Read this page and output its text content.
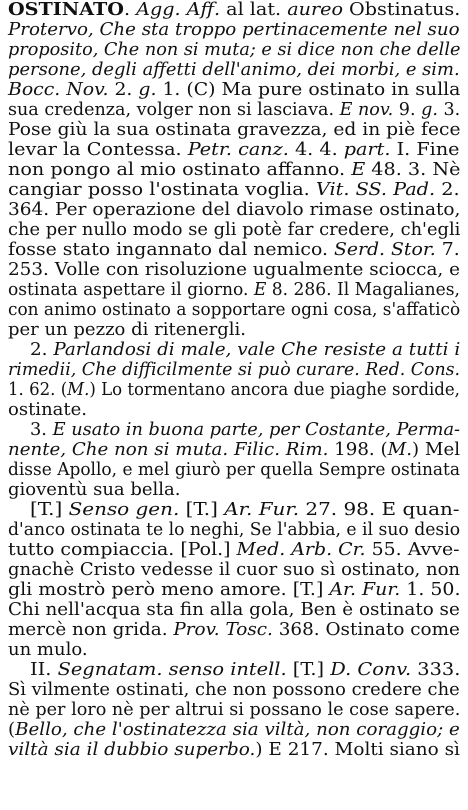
OSTINATO. Agg. Aff. al lat. aureo Obstinatus.
Protervo, Che sta troppo pertinacemente nel suo
proposito, Che non si muta; e si dice non che delle
persone, degli affetti dell'animo, dei morbi, e sim.
Bocc. Nov. 2. g. 1. (C) Ma pure ostinato in sulla
sua credenza, volger non si lasciava. E nov. 9. g. 3.
Pose giù la sua ostinata gravezza, ed in piè fece
levar la Contessa. Petr. canz. 4. 4. part. I. Fine
non pongo al mio ostinato affanno. E 48. 3. Nè
cangiar posso l'ostinata voglia. Vit. SS. Pad. 2.
364. Per operazione del diavolo rimase ostinato,
che per nullo modo se gli potè far credere, ch'egli
fosse stato ingannato dal nemico. Serd. Stor. 7.
253. Volle con risoluzione ugualmente sciocca, e
ostinata aspettare il giorno. E 8. 286. Il Magalianes,
con animo ostinato a sopportare ogni cosa, s'affaticò
per un pezzo di ritenergli.
2. Parlandosi di male, vale Che resiste a tutti i
rimedii, Che difficilmente si può curare. Red. Cons.
1. 62. (M.) Lo tormentano ancora due piaghe sordide,
ostinate.
3. E usato in buona parte, per Costante, Perma-
nente, Che non si muta. Filic. Rim. 198. (M.) Mel
disse Apollo, e mel giurò per quella Sempre ostinata
gioventù sua bella.
[T.] Senso gen. [T.] Ar. Fur. 27. 98. E quan-
d'anco ostinata te lo neghi, Se l'abbia, e il suo desio
tutto compiaccia. [Pol.] Med. Arb. Cr. 55. Avve-
gnachè Cristo vedesse il cuor suo sì ostinato, non
gli mostrò però meno amore. [T.] Ar. Fur. 1. 50.
Chi nell'acqua sta fin alla gola, Ben è ostinato se
mercè non grida. Prov. Tosc. 368. Ostinato come
un mulo.
II. Segnatam. senso intell. [T.] D. Conv. 333.
Sì vilmente ostinati, che non possono credere che
nè per loro nè per altrui si possano le cose sapere.
(Bello, che l'ostinatezza sia viltà, non coraggio; e
viltà sia il dubbio superbo.) E 217. Molti siano sì
